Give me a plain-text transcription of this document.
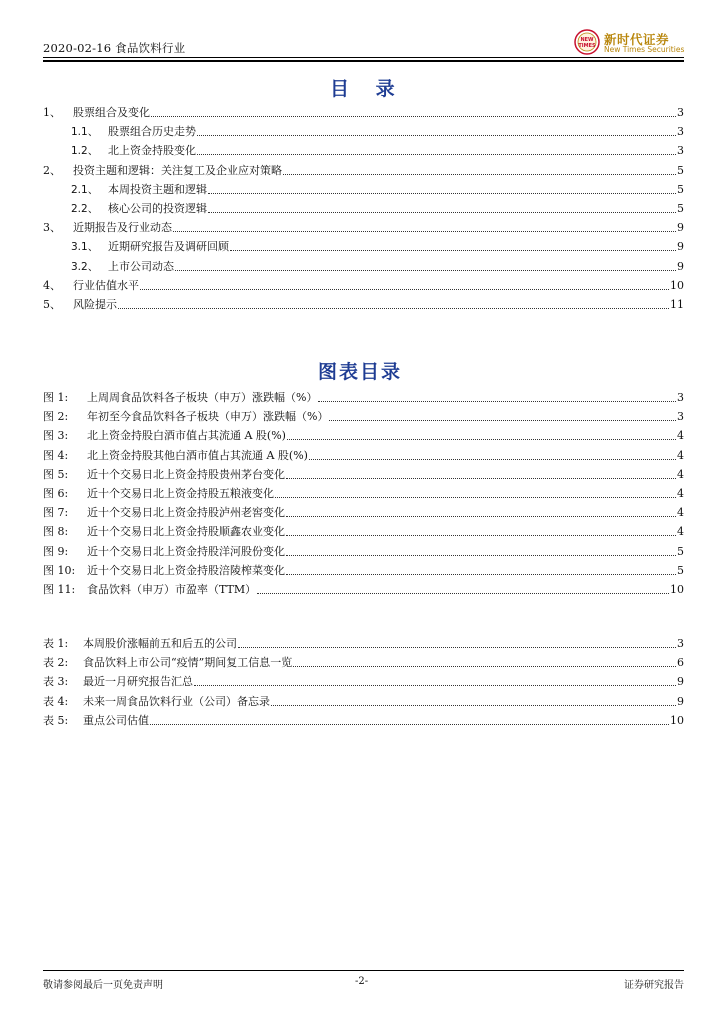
2020-02-16 食品饮料行业
NEW
TIMES 新时代证券
New Times Securities
目 录
1、	股票组合及变化	3
1.1、 股票组合历史走势	3
1.2、 北上资金持股变化	3
2、	投资主题和逻辑：关注复工及企业应对策略	5
2.1、 本周投资主题和逻辑	5
2.2、 核心公司的投资逻辑	5
3、	近期报告及行业动态	9
3.1、 近期研究报告及调研回顾	9
3.2、 上市公司动态	9
4、	行业估值水平	10
5、	风险提示	11
图表目录
图 1:	上周周食品饮料各子板块（申万）涨跌幅（%）	3
图 2:	年初至今食品饮料各子板块（申万）涨跌幅（%）	3
图 3:	北上资金持股白酒市值占其流通 A 股(%)	4
图 4:	北上资金持股其他白酒市值占其流通 A 股(%)	4
图 5:	近十个交易日北上资金持股贵州茅台变化	4
图 6:	近十个交易日北上资金持股五粮液变化	4
图 7:	近十个交易日北上资金持股泸州老窖变化	4
图 8:	近十个交易日北上资金持股顺鑫农业变化	4
图 9:	近十个交易日北上资金持股洋河股份变化	5
图 10:	近十个交易日北上资金持股涪陵榨菜变化	5
图 11:	食品饮料（申万）市盈率（TTM）	10
表 1:	本周股价涨幅前五和后五的公司	3
表 2:	食品饮料上市公司“疫情”期间复工信息一览	6
表 3:	最近一月研究报告汇总	9
表 4:	未来一周食品饮料行业（公司）备忘录	9
表 5:	重点公司估值	10
敬请参阅最后一页免责声明	-2-	证券研究报告
